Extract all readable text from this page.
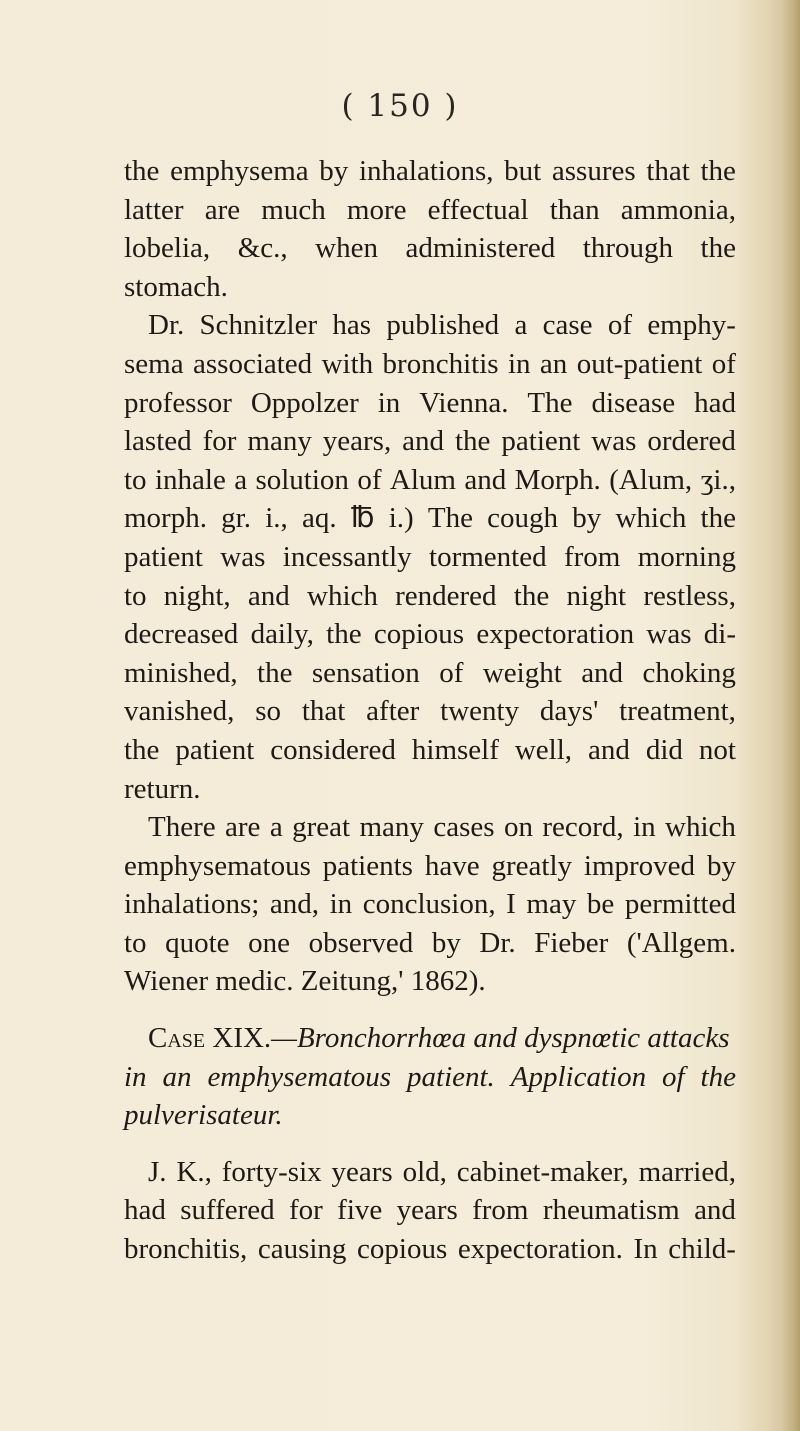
( 150 )
the emphysema by inhalations, but assures that the
latter are much more effectual than ammonia,
lobelia, &c., when administered through the
stomach.
Dr. Schnitzler has published a case of emphy-
sema associated with bronchitis in an out-patient of
professor Oppolzer in Vienna. The disease had
lasted for many years, and the patient was ordered
to inhale a solution of Alum and Morph. (Alum, ʒi.,
morph. gr. i., aq. ℔ i.) The cough by which the
patient was incessantly tormented from morning
to night, and which rendered the night restless,
decreased daily, the copious expectoration was di-
minished, the sensation of weight and choking
vanished, so that after twenty days' treatment,
the patient considered himself well, and did not
return.
There are a great many cases on record, in which
emphysematous patients have greatly improved by
inhalations; and, in conclusion, I may be permitted
to quote one observed by Dr. Fieber ('Allgem.
Wiener medic. Zeitung,' 1862).
Case XIX.—Bronchorrhœa and dyspnœtic attacks
in an emphysematous patient. Application of the
pulverisateur.
J. K., forty-six years old, cabinet-maker, married,
had suffered for five years from rheumatism and
bronchitis, causing copious expectoration. In child-
